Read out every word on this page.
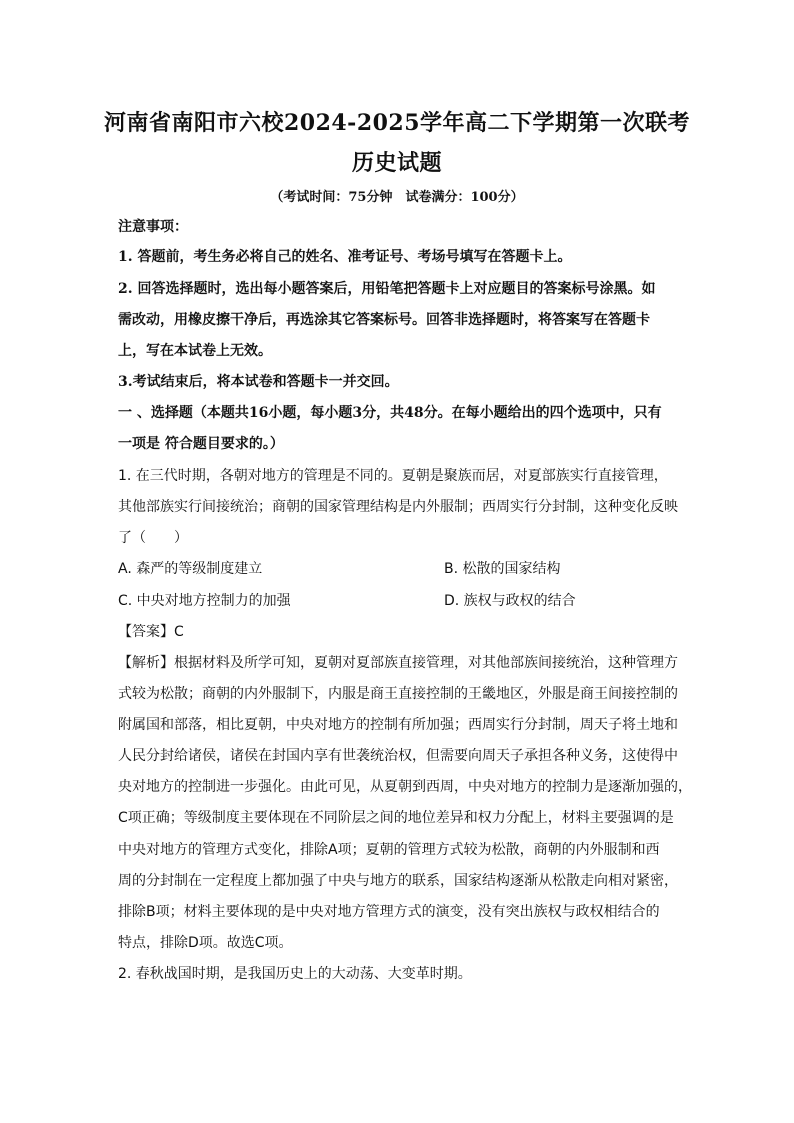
河南省南阳市六校2024-2025学年高二下学期第一次联考
历史试题
（考试时间：75分钟　试卷满分：100分）
注意事项：
1. 答题前，考生务必将自己的姓名、准考证号、考场号填写在答题卡上。
2. 回答选择题时，选出每小题答案后，用铅笔把答题卡上对应题目的答案标号涂黑。如
需改动，用橡皮擦干净后，再选涂其它答案标号。回答非选择题时，将答案写在答题卡
上，写在本试卷上无效。
3.考试结束后，将本试卷和答题卡一并交回。
一 、选择题（本题共16小题，每小题3分，共48分。在每小题给出的四个选项中，只有
一项是 符合题目要求的。）
1. 在三代时期，各朝对地方的管理是不同的。夏朝是聚族而居，对夏部族实行直接管理，
其他部族实行间接统治；商朝的国家管理结构是内外服制；西周实行分封制，这种变化反映
了（　　）
A. 森严的等级制度建立	B. 松散的国家结构
C. 中央对地方控制力的加强	D. 族权与政权的结合
【答案】C
【解析】根据材料及所学可知，夏朝对夏部族直接管理，对其他部族间接统治，这种管理方
式较为松散；商朝的内外服制下，内服是商王直接控制的王畿地区，外服是商王间接控制的
附属国和部落，相比夏朝，中央对地方的控制有所加强；西周实行分封制，周天子将土地和
人民分封给诸侯，诸侯在封国内享有世袭统治权，但需要向周天子承担各种义务，这使得中
央对地方的控制进一步强化。由此可见，从夏朝到西周，中央对地方的控制力是逐渐加强的，
C项正确；等级制度主要体现在不同阶层之间的地位差异和权力分配上，材料主要强调的是
中央对地方的管理方式变化，排除A项；夏朝的管理方式较为松散，商朝的内外服制和西
周的分封制在一定程度上都加强了中央与地方的联系，国家结构逐渐从松散走向相对紧密，
排除B项；材料主要体现的是中央对地方管理方式的演变，没有突出族权与政权相结合的
特点，排除D项。故选C项。
2. 春秋战国时期，是我国历史上的大动荡、大变革时期。
